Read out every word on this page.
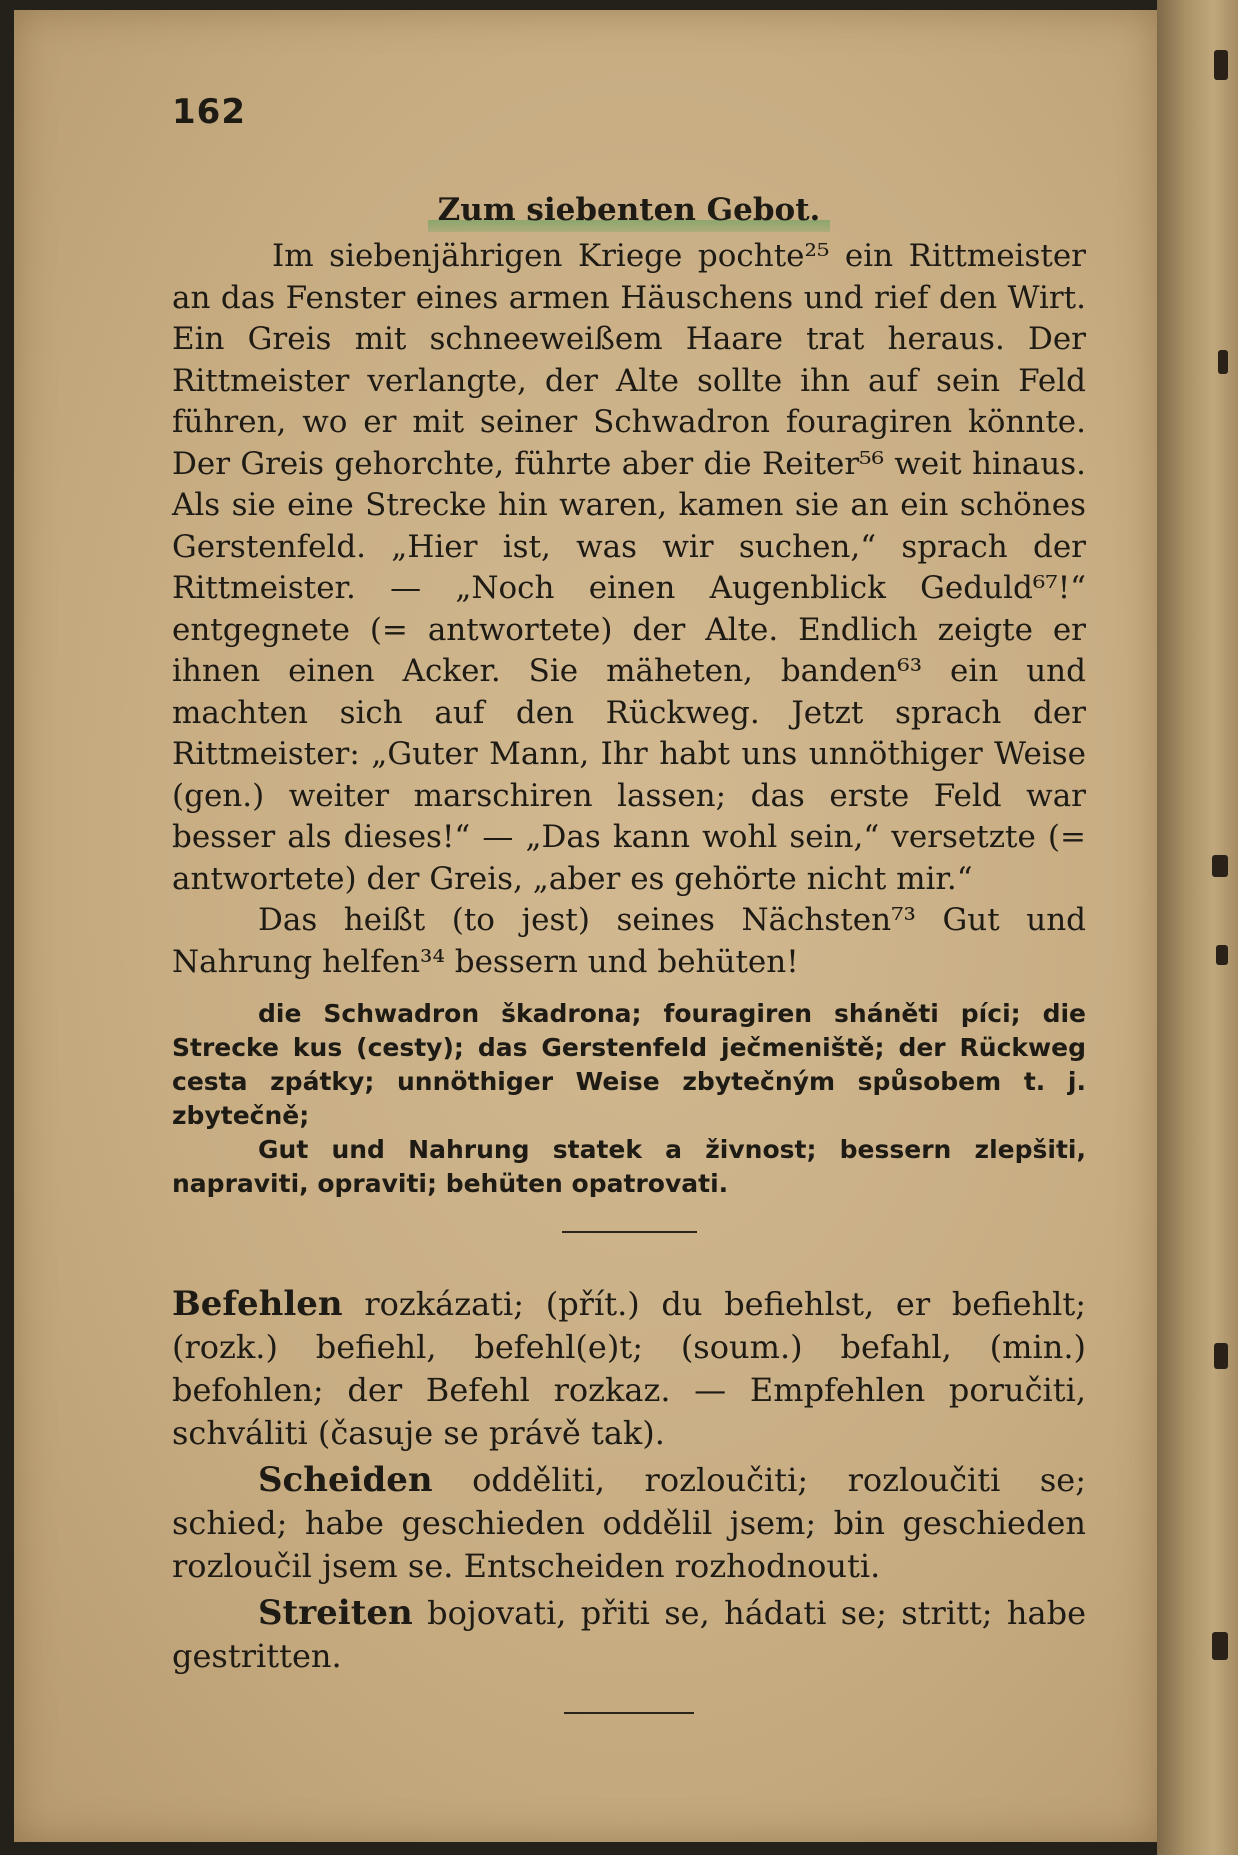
162
Zum siebenten Gebot.

Im siebenjährigen Kriege pochte²⁵ ein Rittmeister an das Fenster eines armen Häuschens und rief den Wirt. Ein Greis mit schneeweißem Haare trat heraus. Der Rittmeister verlangte, der Alte sollte ihn auf sein Feld führen, wo er mit seiner Schwadron fouragiren könnte. Der Greis gehorchte, führte aber die Reiter⁵⁶ weit hinaus. Als sie eine Strecke hin waren, kamen sie an ein schönes Gerstenfeld. „Hier ist, was wir suchen,“ sprach der Rittmeister. — „Noch einen Augenblick Geduld⁶⁷!“ entgegnete (= antwortete) der Alte. Endlich zeigte er ihnen einen Acker. Sie mäheten, banden⁶³ ein und machten sich auf den Rückweg. Jetzt sprach der Rittmeister: „Guter Mann, Ihr habt uns unnöthiger Weise (gen.) weiter marschiren lassen; das erste Feld war besser als dieses!“ — „Das kann wohl sein,“ versetzte (= antwortete) der Greis, „aber es gehörte nicht mir.“

Das heißt (to jest) seines Nächsten⁷³ Gut und Nahrung helfen³⁴ bessern und behüten!

die Schwadron škadrona; fouragiren sháněti píci; die Strecke kus (cesty); das Gerstenfeld ječmeniště; der Rückweg cesta zpátky; unnöthiger Weise zbytečným spůsobem t. j. zbytečně;

Gut und Nahrung statek a živnost; bessern zlepšiti, napraviti, opraviti; behüten opatrovati.

Befehlen rozkázati; (přít.) du befiehlst, er befiehlt; (rozk.) befiehl, befehl(e)t; (soum.) befahl, (min.) befohlen; der Befehl rozkaz. — Empfehlen poručiti, schváliti (časuje se právě tak).

Scheiden odděliti, rozloučiti; rozloučiti se; schied; habe geschieden oddělil jsem; bin geschieden rozloučil jsem se. Entscheiden rozhodnouti.

Streiten bojovati, přiti se, hádati se; stritt; habe gestritten.
